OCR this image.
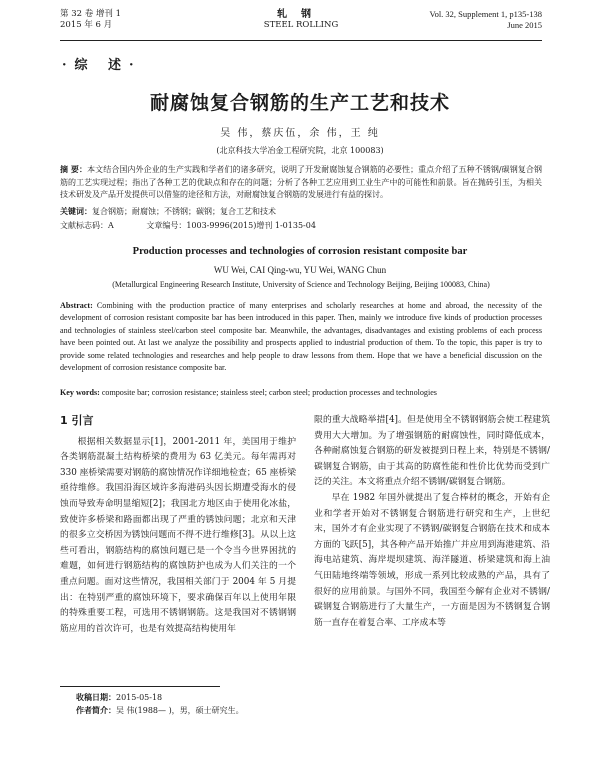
第 32 卷 增刊 1
2015 年 6 月
轧钢
STEEL ROLLING
Vol. 32, Supplement 1, p135-138
June 2015
·综 述·
耐腐蚀复合钢筋的生产工艺和技术
吴 伟，蔡庆伍，余 伟，王 纯
(北京科技大学冶金工程研究院，北京 100083)
摘 要：本文结合国内外企业的生产实践和学者们的诸多研究，说明了开发耐腐蚀复合钢筋的必要性；重点介绍了五种不锈钢/碳钢复合钢筋的工艺实现过程；指出了各种工艺的优缺点和存在的问题；分析了各种工艺应用到工业生产中的可能性和前景。旨在抛砖引玉，为相关技术研发及产品开发提供可以借鉴的途径和方法，对耐腐蚀复合钢筋的发展进行有益的探讨。
关键词：复合钢筋；耐腐蚀；不锈钢；碳钢；复合工艺和技术
文献标志码：A	文章编号：1003-9996(2015)增刊 1-0135-04
Production processes and technologies of corrosion resistant composite bar
WU Wei, CAI Qing-wu, YU Wei, WANG Chun
(Metallurgical Engineering Research Institute, University of Science and Technology Beijing, Beijing 100083, China)
Abstract: Combining with the production practice of many enterprises and scholarly researches at home and abroad, the necessity of the development of corrosion resistant composite bar has been introduced in this paper. Then, mainly we introduce five kinds of production processes and technologies of stainless steel/carbon steel composite bar. Meanwhile, the advantages, disadvantages and existing problems of each process have been pointed out. At last we analyze the possibility and prospects applied to industrial production of them. To the topic, this paper is try to provide some related technologies and researches and help people to draw lessons from them. Hope that we have a beneficial discussion on the development of corrosion resistance composite bar.
Key words: composite bar; corrosion resistance; stainless steel; carbon steel; production processes and technologies
1 引言

根据相关数据显示[1]，2001-2011 年，美国用于维护各类钢筋混凝土结构桥梁的费用为 63 亿美元。每年需再对 330 座桥梁需要对钢筋的腐蚀情况作详细地检查；65 座桥梁亟待维修。我国沿海区域许多海港码头因长期遭受海水的侵蚀而导致寿命明显缩短[2]；我国北方地区由于使用化冰盐，致使许多桥梁和路面都出现了严重的锈蚀问题；北京和天津的很多立交桥因为锈蚀问题而不得不进行维修[3]。从以上这些可看出，钢筋结构的腐蚀问题已是一个令当今世界困扰的难题，如何进行钢筋结构的腐蚀防护也成为人们关注的一个重点问题。面对这些情况，我国相关部门于 2004 年 5 月提出：在特别严重的腐蚀环境下，要求确保百年以上使用年限的特殊重要工程，可选用不锈钢钢筋。这是我国对不锈钢钢筋应用的首次许可，也是有效提高结构使用年

限的重大战略举措[4]。但是使用全不锈钢钢筋会使工程建筑费用大大增加。为了增强钢筋的耐腐蚀性，同时降低成本，各种耐腐蚀复合钢筋的研发被提到日程上来，特别是不锈钢/碳钢复合钢筋，由于其高的防腐性能和性价比优势而受到广泛的关注。本文将重点介绍不锈钢/碳钢复合钢筋。

早在 1982 年国外就提出了复合棒材的概念，开始有企业和学者开始对不锈钢复合钢筋进行研究和生产，上世纪末，国外才有企业实现了不锈钢/碳钢复合钢筋在技术和成本方面的飞跃[5]，其各种产品开始推广并应用到海港建筑、沿海电站建筑、海岸堤坝建筑、海洋隧道、桥梁建筑和海上油气田陆地终端等领域，形成一系列比较成熟的产品，具有了很好的应用前景。与国外不同，我国至今解有企业对不锈钢/碳钢复合钢筋进行了大量生产，一方面是因为不锈钢复合钢筋一直存在着复合率、工序成本等

收稿日期：2015-05-18
作者简介：吴 伟(1988— )，男，硕士研究生。
